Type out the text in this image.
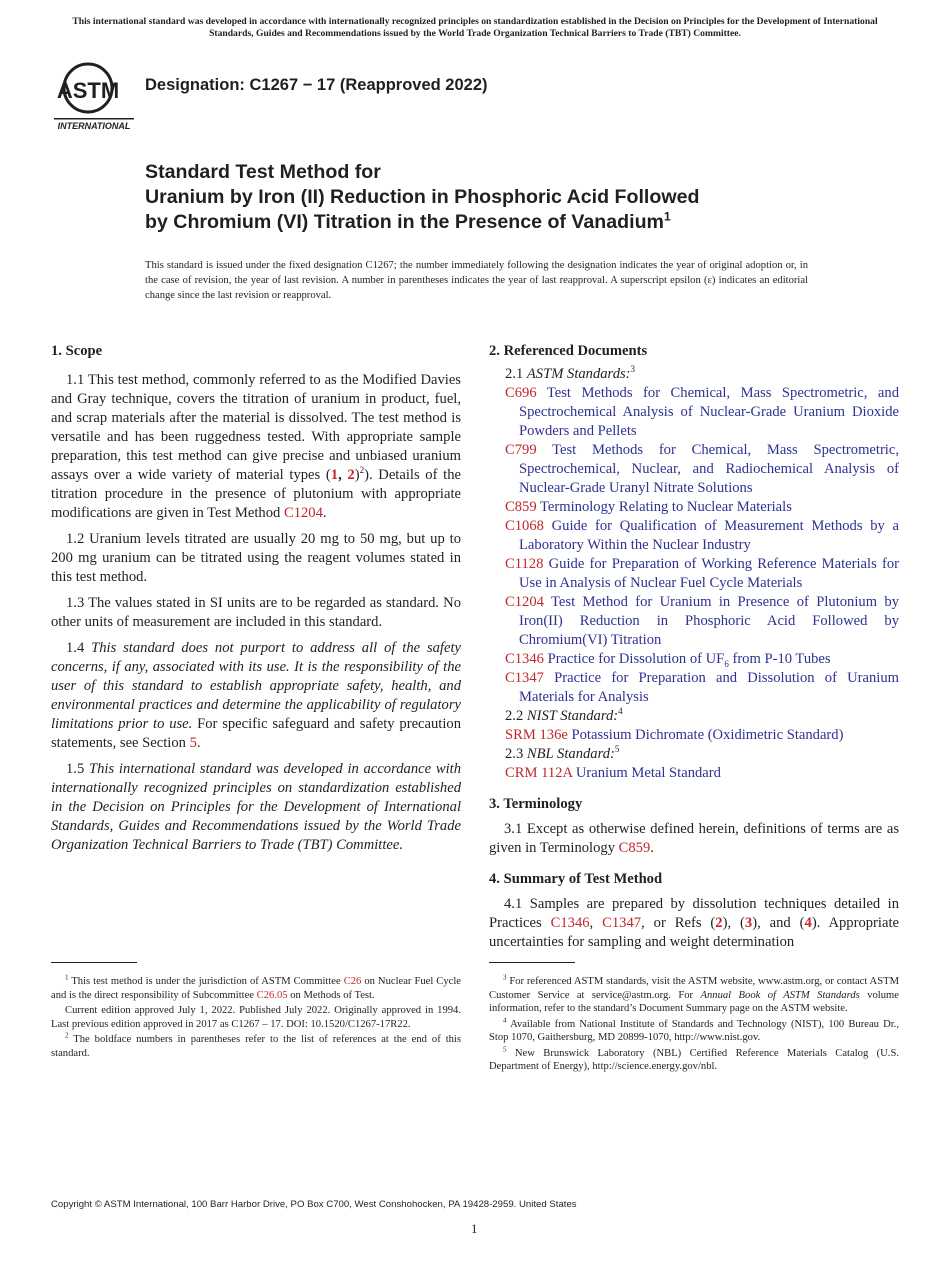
This international standard was developed in accordance with internationally recognized principles on standardization established in the Decision on Principles for the Development of International Standards, Guides and Recommendations issued by the World Trade Organization Technical Barriers to Trade (TBT) Committee.
ASTM
INTERNATIONAL
Designation: C1267 − 17 (Reapproved 2022)
Standard Test Method for
Uranium by Iron (II) Reduction in Phosphoric Acid Followed
by Chromium (VI) Titration in the Presence of Vanadium$^1$
This standard is issued under the fixed designation C1267; the number immediately following the designation indicates the year of original adoption or, in the case of revision, the year of last revision. A number in parentheses indicates the year of last reapproval. A superscript epsilon (ε) indicates an editorial change since the last revision or reapproval.
1. Scope

1.1 This test method, commonly referred to as the Modified Davies and Gray technique, covers the titration of uranium in product, fuel, and scrap materials after the material is dissolved. The test method is versatile and has been ruggedness tested. With appropriate sample preparation, this test method can give precise and unbiased uranium assays over a wide variety of material types (1, 2)$^2$). Details of the titration procedure in the presence of plutonium with appropriate modifications are given in Test Method C1204.

1.2 Uranium levels titrated are usually 20 mg to 50 mg, but up to 200 mg uranium can be titrated using the reagent volumes stated in this test method.

1.3 The values stated in SI units are to be regarded as standard. No other units of measurement are included in this standard.

1.4 This standard does not purport to address all of the safety concerns, if any, associated with its use. It is the responsibility of the user of this standard to establish appropriate safety, health, and environmental practices and determine the applicability of regulatory limitations prior to use. For specific safeguard and safety precaution statements, see Section 5.

1.5 This international standard was developed in accordance with internationally recognized principles on standardization established in the Decision on Principles for the Development of International Standards, Guides and Recommendations issued by the World Trade Organization Technical Barriers to Trade (TBT) Committee.

2. Referenced Documents

2.1 ASTM Standards:$^3$

C696 Test Methods for Chemical, Mass Spectrometric, and Spectrochemical Analysis of Nuclear-Grade Uranium Dioxide Powders and Pellets

C799 Test Methods for Chemical, Mass Spectrometric, Spectrochemical, Nuclear, and Radiochemical Analysis of Nuclear-Grade Uranyl Nitrate Solutions

C859 Terminology Relating to Nuclear Materials

C1068 Guide for Qualification of Measurement Methods by a Laboratory Within the Nuclear Industry

C1128 Guide for Preparation of Working Reference Materials for Use in Analysis of Nuclear Fuel Cycle Materials

C1204 Test Method for Uranium in Presence of Plutonium by Iron(II) Reduction in Phosphoric Acid Followed by Chromium(VI) Titration

C1346 Practice for Dissolution of $UF_6$ from P-10 Tubes

C1347 Practice for Preparation and Dissolution of Uranium Materials for Analysis

2.2 NIST Standard:$^4$

SRM 136e Potassium Dichromate (Oxidimetric Standard)

2.3 NBL Standard:$^5$

CRM 112A Uranium Metal Standard

3. Terminology

3.1 Except as otherwise defined herein, definitions of terms are as given in Terminology C859.

4. Summary of Test Method

4.1 Samples are prepared by dissolution techniques detailed in Practices C1346, C1347, or Refs (2), (3), and (4). Appropriate uncertainties for sampling and weight determination

$^1$ This test method is under the jurisdiction of ASTM Committee C26 on Nuclear Fuel Cycle and is the direct responsibility of Subcommittee C26.05 on Methods of Test.

Current edition approved July 1, 2022. Published July 2022. Originally approved in 1994. Last previous edition approved in 2017 as C1267 – 17. DOI: 10.1520/C1267-17R22.

$^2$ The boldface numbers in parentheses refer to the list of references at the end of this standard.

$^3$ For referenced ASTM standards, visit the ASTM website, www.astm.org, or contact ASTM Customer Service at service@astm.org. For Annual Book of ASTM Standards volume information, refer to the standard’s Document Summary page on the ASTM website.

$^4$ Available from National Institute of Standards and Technology (NIST), 100 Bureau Dr., Stop 1070, Gaithersburg, MD 20899-1070, http://www.nist.gov.

$^5$ New Brunswick Laboratory (NBL) Certified Reference Materials Catalog (U.S. Department of Energy), http://science.energy.gov/nbl.

Copyright © ASTM International, 100 Barr Harbor Drive, PO Box C700, West Conshohocken, PA 19428-2959. United States
1
